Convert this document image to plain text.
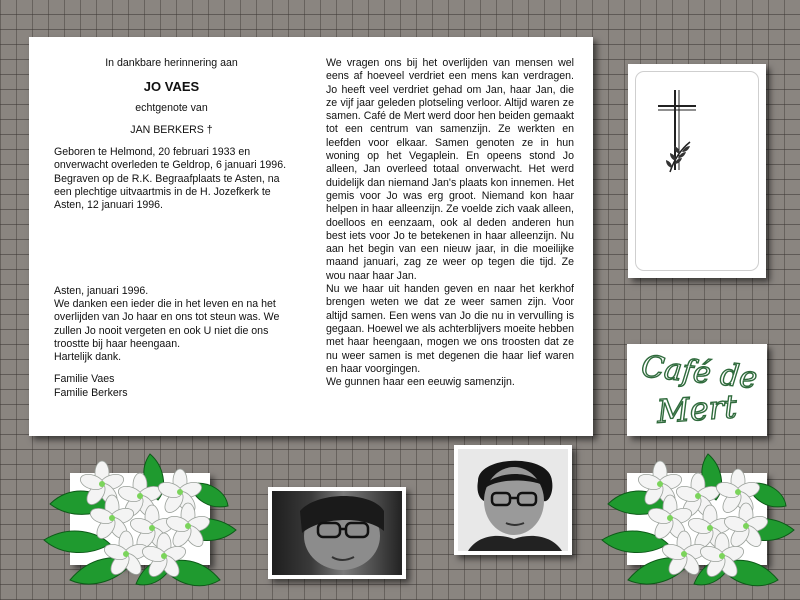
In dankbare herinnering aan
JO VAES
echtgenote van
JAN BERKERS †
Geboren te Helmond, 20 februari 1933 en onverwacht overleden te Geldrop, 6 januari 1996. Begraven op de R.K. Begraafplaats te Asten, na een plechtige uitvaartmis in de H. Jozefkerk te Asten, 12 januari 1996.
Asten, januari 1996.
We danken een ieder die in het leven en na het overlijden van Jo haar en ons tot steun was. We zullen Jo nooit vergeten en ook U niet die ons troostte bij haar heengaan.
Hartelijk dank.
Familie Vaes
Familie Berkers

We vragen ons bij het overlijden van mensen wel eens af hoeveel verdriet een mens kan verdragen. Jo heeft veel verdriet gehad om Jan, haar Jan, die ze vijf jaar geleden plotseling verloor. Altijd waren ze samen. Café de Mert werd door hen beiden gemaakt tot een centrum van samenzijn. Ze werkten en leefden voor elkaar. Samen genoten ze in hun woning op het Vegaplein. En opeens stond Jo alleen, Jan overleed totaal onverwacht. Het werd duidelijk dan niemand Jan's plaats kon innemen. Het gemis voor Jo was erg groot. Niemand kon haar helpen in haar alleenzijn. Ze voelde zich vaak alleen, doelloos en eenzaam, ook al deden anderen hun best iets voor Jo te betekenen in haar alleenzijn. Nu aan het begin van een nieuw jaar, in die moeilijke maand januari, zag ze weer op tegen die tijd. Ze wou naar haar Jan.

Nu we haar uit handen geven en naar het kerkhof brengen weten we dat ze weer samen zijn. Voor altijd samen. Een wens van Jo die nu in vervulling is gegaan. Hoewel we als achterblijvers moeite hebben met haar heengaan, mogen we ons troosten dat ze nu weer samen is met degenen die haar lief waren en haar voorgingen.

We gunnen haar een eeuwig samenzijn.	Café de
Mert
